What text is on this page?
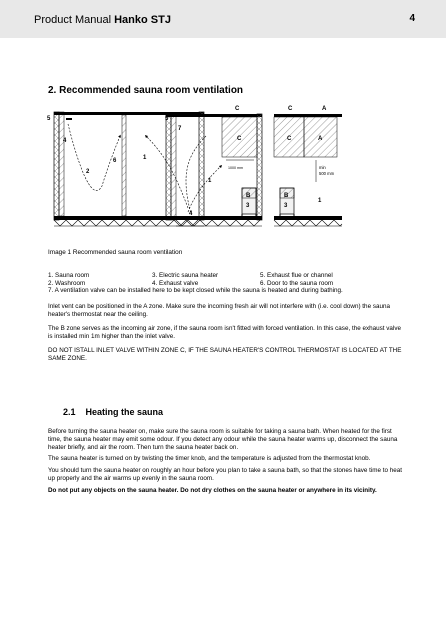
Product Manual Hanko STJ	4
2. Recommended sauna room ventilation
5
4
2
6	1
5
7
C
C
1000 mm
1
B
3
4
C	A
C	A
min
500 mm
B
3
1
Image 1 Recommended sauna room ventilation
1. Sauna room	3. Electric sauna heater	5. Exhaust flue or channel
2. Washroom	4. Exhaust valve	6. Door to the sauna room
7. A ventilation valve can be installed here to be kept closed while the sauna is heated and during bathing.
Inlet vent can be positioned in the A zone. Make sure the incoming fresh air will not interfere with (i.e. cool down) the sauna heater's thermostat near the ceiling.
The B zone serves as the incoming air zone, if the sauna room isn't fitted with forced ventilation. In this case, the exhaust valve is installed min 1m higher than the inlet valve.
DO NOT ISTALL INLET VALVE WITHIN ZONE C, IF THE SAUNA HEATER'S CONTROL THERMOSTAT IS LOCATED AT THE SAME ZONE.
2.1 Heating the sauna
Before turning the sauna heater on, make sure the sauna room is suitable for taking a sauna bath. When heated for the first time, the sauna heater may emit some odour. If you detect any odour while the sauna heater warms up, disconnect the sauna heater briefly, and air the room. Then turn the sauna heater back on.
The sauna heater is turned on by twisting the timer knob, and the temperature is adjusted from the thermostat knob.
You should turn the sauna heater on roughly an hour before you plan to take a sauna bath, so that the stones have time to heat up properly and the air warms up evenly in the sauna room.
Do not put any objects on the sauna heater. Do not dry clothes on the sauna heater or anywhere in its vicinity.
